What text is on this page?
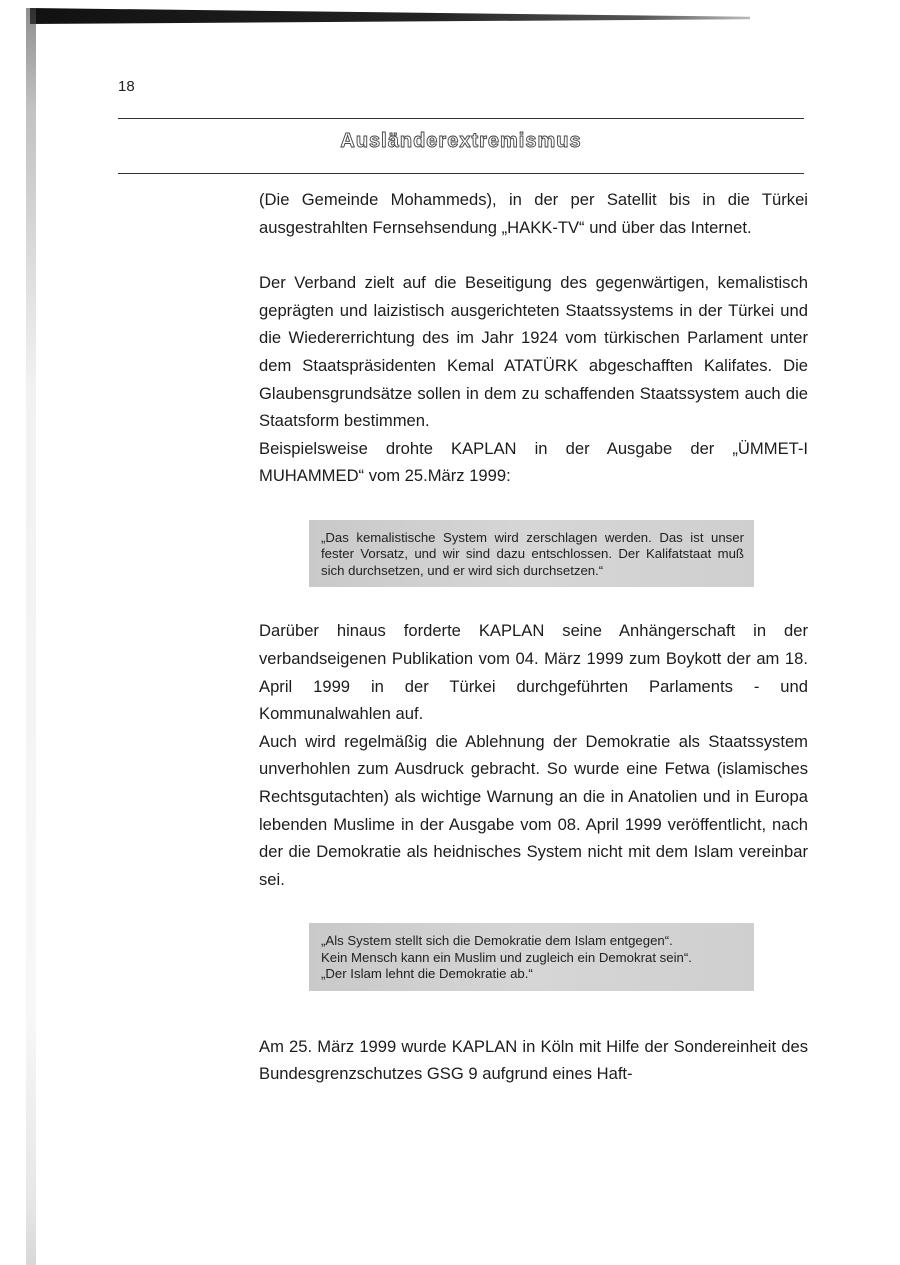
18
Ausländerextremismus

(Die Gemeinde Mohammeds), in der per Satellit bis in die Türkei ausgestrahlten Fernsehsendung „HAKK-TV“ und über das Internet.

Der Verband zielt auf die Beseitigung des gegenwärtigen, kemalistisch geprägten und laizistisch ausgerichteten Staatssystems in der Türkei und die Wiedererrichtung des im Jahr 1924 vom türkischen Parlament unter dem Staatspräsidenten Kemal ATATÜRK abgeschafften Kalifates. Die Glaubensgrundsätze sollen in dem zu schaffenden Staatssystem auch die Staatsform bestimmen.

Beispielsweise drohte KAPLAN in der Ausgabe der „ÜMMET-I MUHAMMED“ vom 25.März 1999:

„Das kemalistische System wird zerschlagen werden. Das ist unser fester Vorsatz, und wir sind dazu entschlossen. Der Kalifatstaat muß sich durchsetzen, und er wird sich durchsetzen.“

Darüber hinaus forderte KAPLAN seine Anhängerschaft in der verbandseigenen Publikation vom 04. März 1999 zum Boykott der am 18. April 1999 in der Türkei durchgeführten Parlaments - und Kommunalwahlen auf.

Auch wird regelmäßig die Ablehnung der Demokratie als Staatssystem unverhohlen zum Ausdruck gebracht. So wurde eine Fetwa (islamisches Rechtsgutachten) als wichtige Warnung an die in Anatolien und in Europa lebenden Muslime in der Ausgabe vom 08. April 1999 veröffentlicht, nach der die Demokratie als heidnisches System nicht mit dem Islam vereinbar sei.

„Als System stellt sich die Demokratie dem Islam entgegen“.

Kein Mensch kann ein Muslim und zugleich ein Demokrat sein“.

„Der Islam lehnt die Demokratie ab.“

Am 25. März 1999 wurde KAPLAN in Köln mit Hilfe der Sondereinheit des Bundesgrenzschutzes GSG 9 aufgrund eines Haft-
